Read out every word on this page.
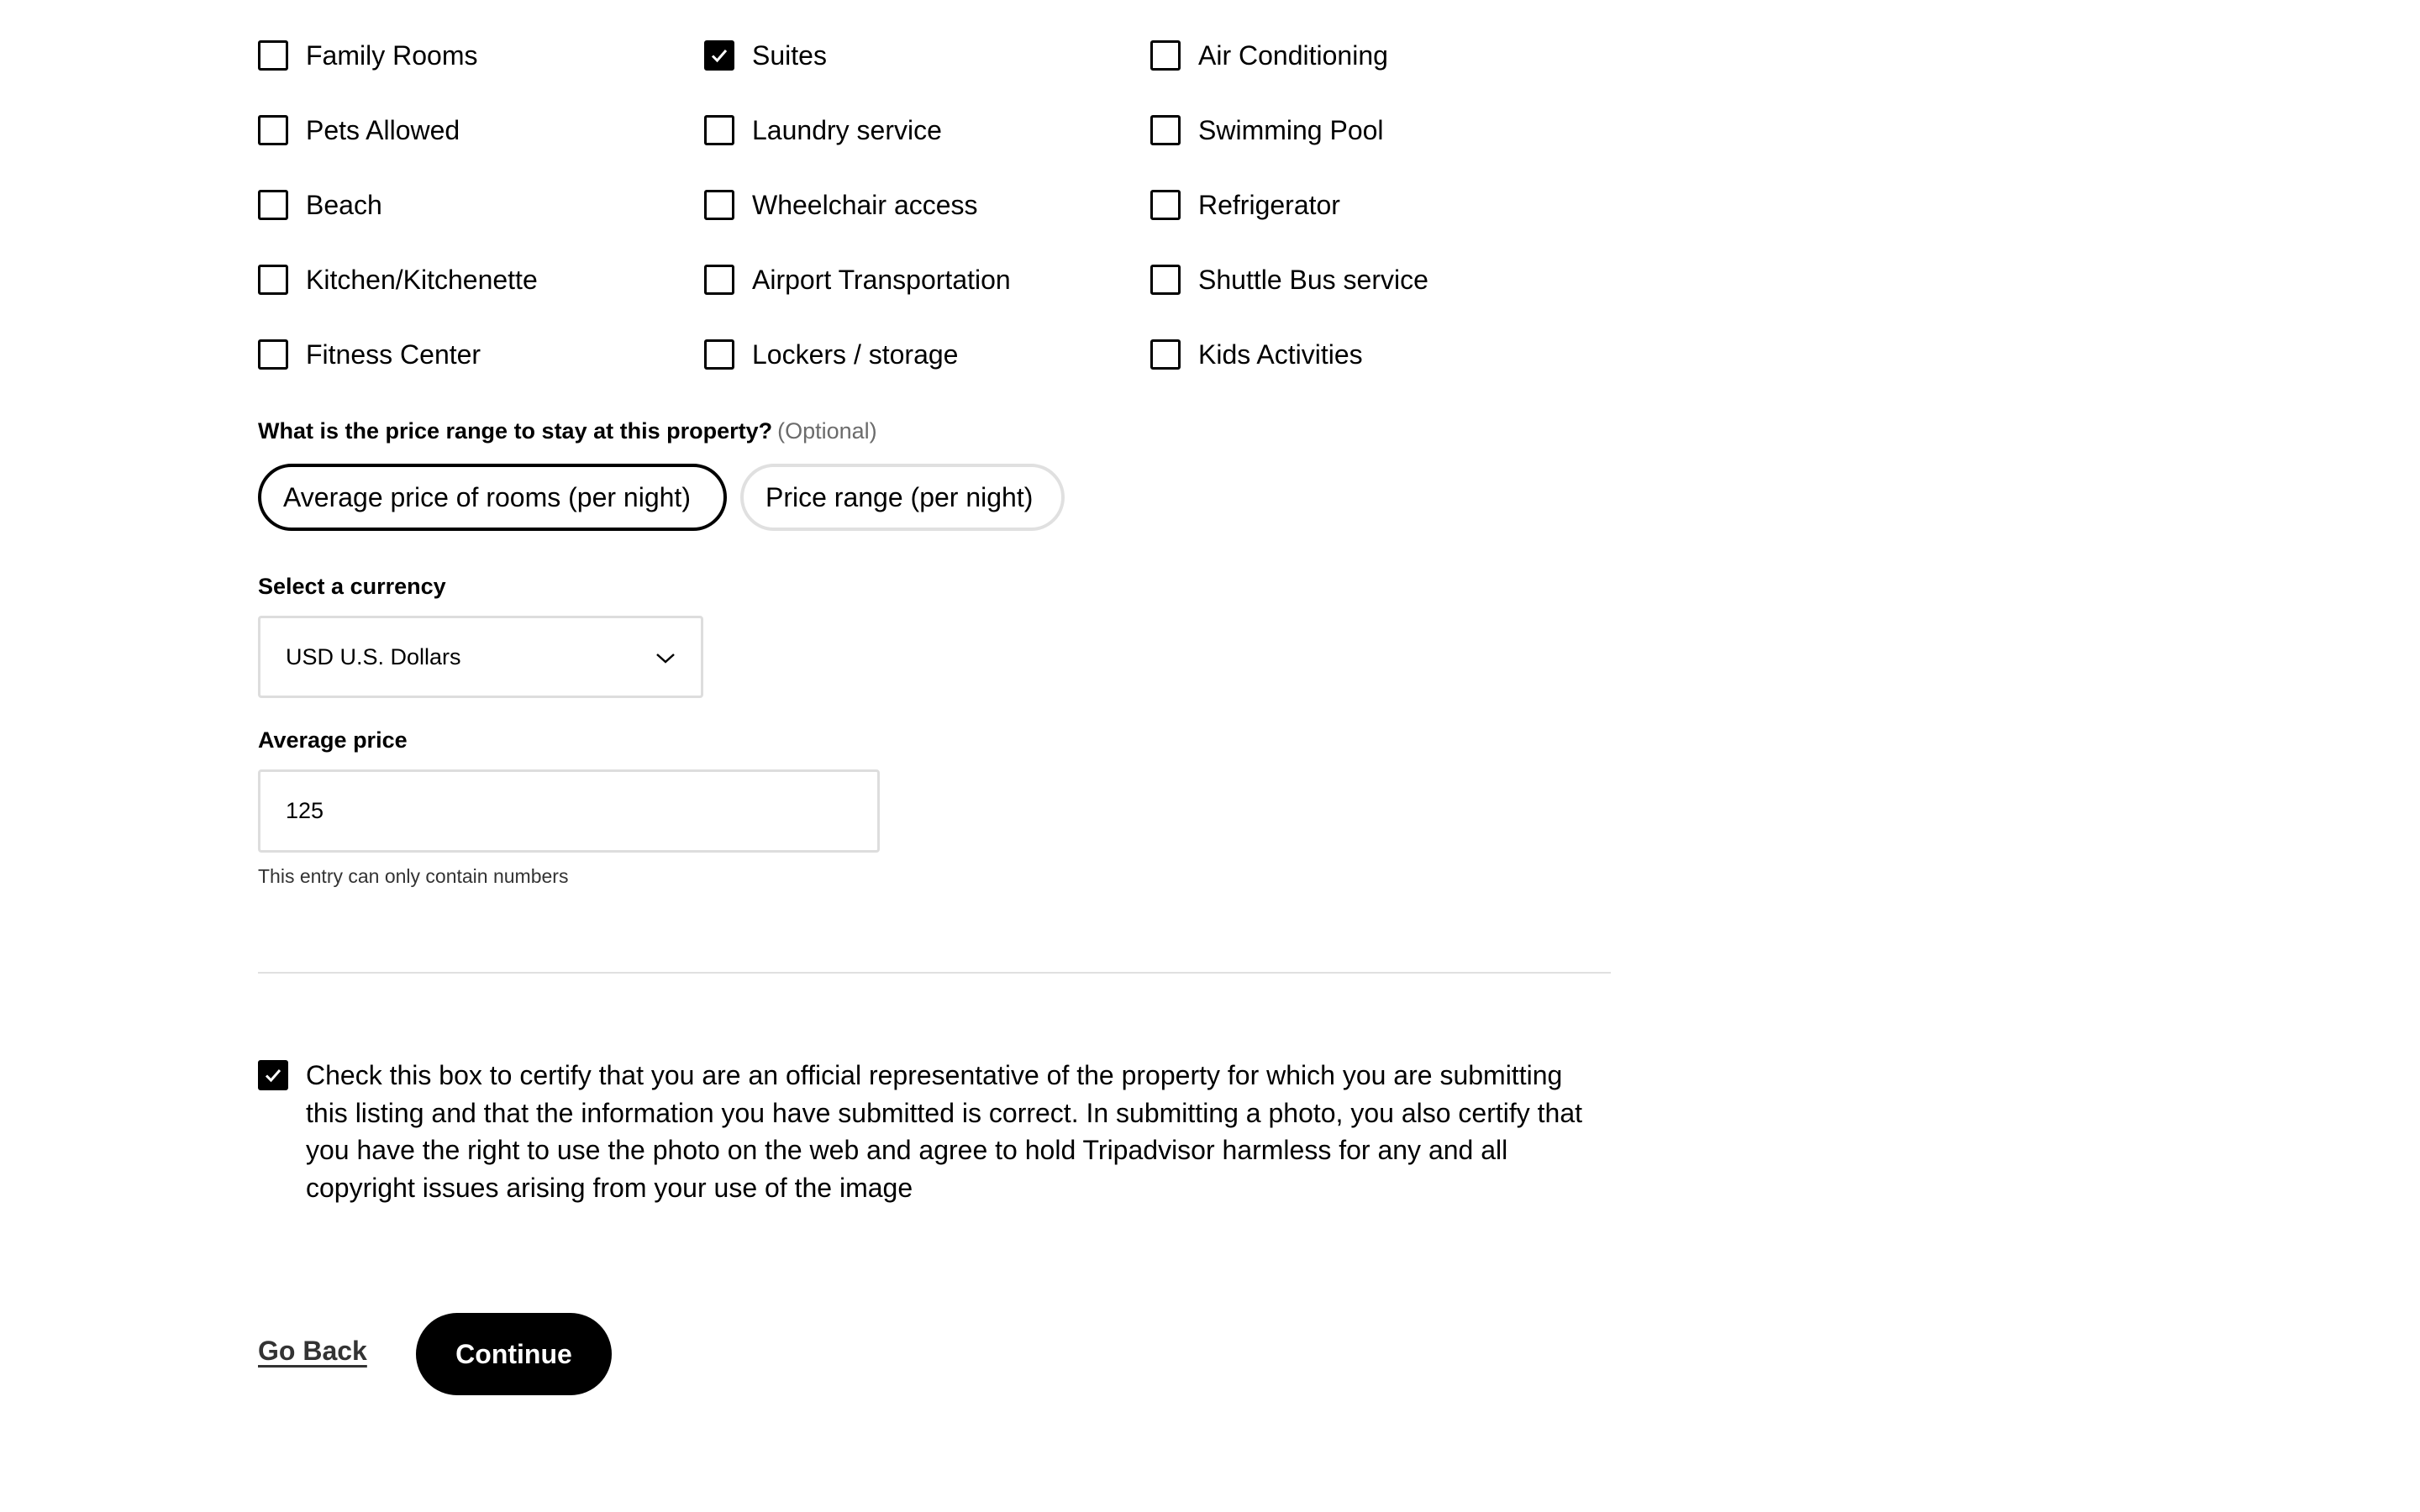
Family Rooms	Suites	Air Conditioning
Pets Allowed	Laundry service	Swimming Pool
Beach	Wheelchair access	Refrigerator
Kitchen/Kitchenette	Airport Transportation	Shuttle Bus service
Fitness Center	Lockers / storage	Kids Activities
What is the price range to stay at this property? (Optional)
Average price of rooms (per night)	Price range (per night)
Select a currency
USD U.S. Dollars
Average price
125
This entry can only contain numbers
Check this box to certify that you are an official representative of the property for which you are submitting this listing and that the information you have submitted is correct. In submitting a photo, you also certify that you have the right to use the photo on the web and agree to hold Tripadvisor harmless for any and all copyright issues arising from your use of the image
Go Back	Continue
